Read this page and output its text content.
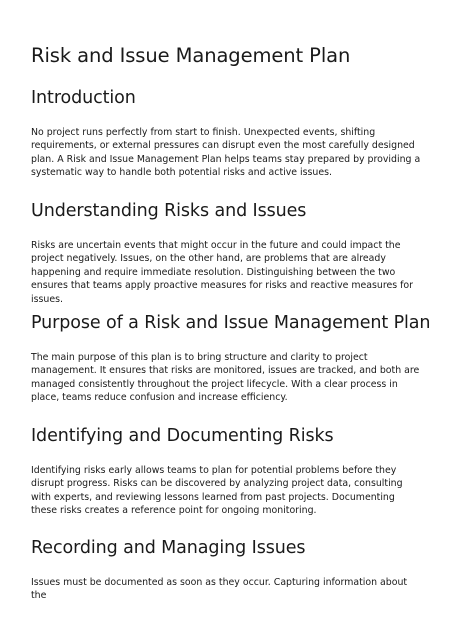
Risk and Issue Management Plan
Introduction

No project runs perfectly from start to finish. Unexpected events, shifting requirements, or external pressures can disrupt even the most carefully designed plan. A Risk and Issue Management Plan helps teams stay prepared by providing a systematic way to handle both potential risks and active issues.

Understanding Risks and Issues

Risks are uncertain events that might occur in the future and could impact the project negatively. Issues, on the other hand, are problems that are already happening and require immediate resolution. Distinguishing between the two ensures that teams apply proactive measures for risks and reactive measures for issues.

Purpose of a Risk and Issue Management Plan

The main purpose of this plan is to bring structure and clarity to project management. It ensures that risks are monitored, issues are tracked, and both are managed consistently throughout the project lifecycle. With a clear process in place, teams reduce confusion and increase efficiency.

Identifying and Documenting Risks

Identifying risks early allows teams to plan for potential problems before they disrupt progress. Risks can be discovered by analyzing project data, consulting with experts, and reviewing lessons learned from past projects. Documenting these risks creates a reference point for ongoing monitoring.

Recording and Managing Issues

Issues must be documented as soon as they occur. Capturing information about the
